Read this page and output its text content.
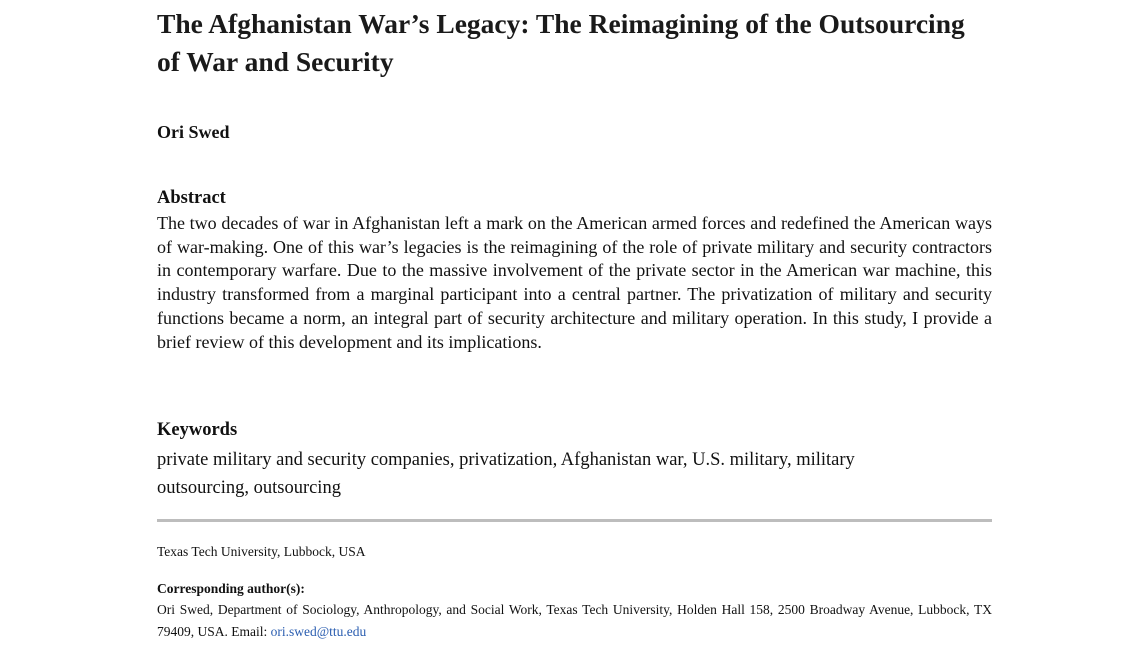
The Afghanistan War’s Legacy: The Reimagining of the Outsourcing of War and Security

Ori Swed

Abstract

The two decades of war in Afghanistan left a mark on the American armed forces and redefined the American ways of war-making. One of this war’s legacies is the reimagining of the role of private military and security contractors in contemporary warfare. Due to the massive involvement of the private sector in the American war machine, this industry transformed from a marginal participant into a central partner. The privatization of military and security functions became a norm, an integral part of security architecture and military operation. In this study, I provide a brief review of this development and its implications.

Keywords

private military and security companies, privatization, Afghanistan war, U.S. military, military outsourcing, outsourcing

Texas Tech University, Lubbock, USA

Corresponding author(s):

Ori Swed, Department of Sociology, Anthropology, and Social Work, Texas Tech University, Holden Hall 158, 2500 Broadway Avenue, Lubbock, TX 79409, USA. Email: ori.swed@ttu.edu
